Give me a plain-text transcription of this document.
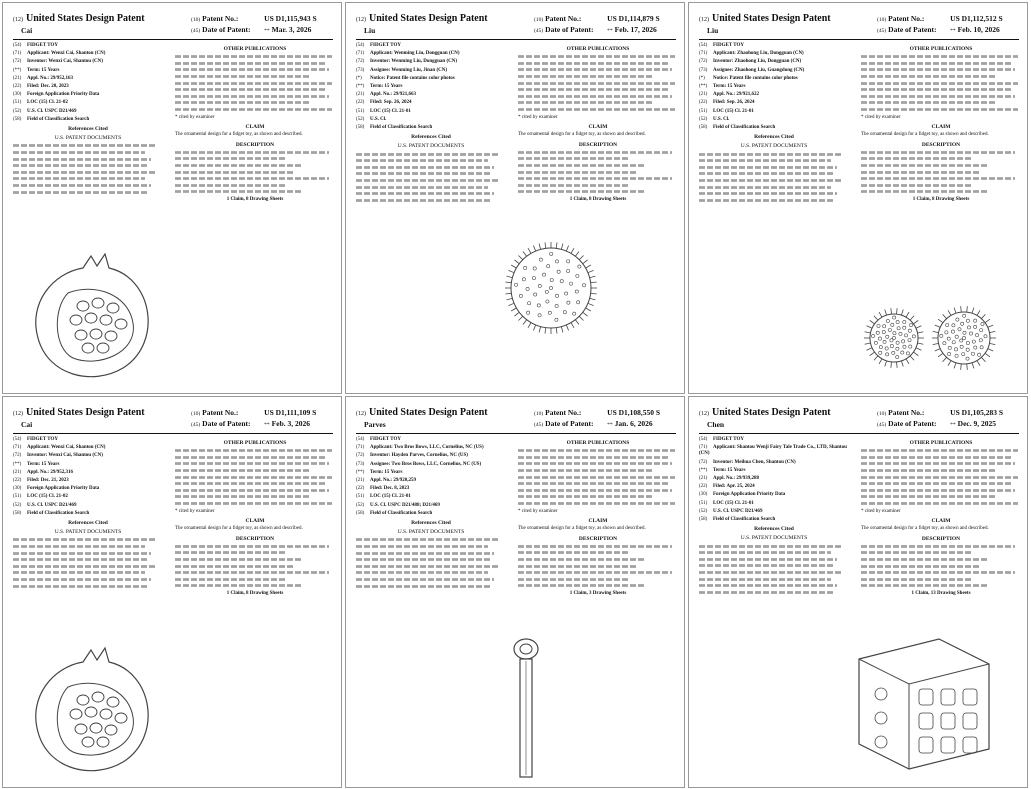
(12) United States Design Patent
Cai
(10) Patent No.:	US D1,115,943 S
(45) Date of Patent: ** Mar. 3, 2026
(54) FIDGET TOY
(71) Applicant: Wenxi Cai, Shantou (CN)
(72) Inventor: Wenxi Cai, Shantou (CN)
(**) Term: 15 Years
(21) Appl. No.: 29/952,163
(22) Filed: Dec. 20, 2023
(30) Foreign Application Priority Data
(51) LOC (15) Cl. 21-02
(52) U.S. Cl. USPC D21/469
(58) Field of Classification Search
References Cited
U.S. PATENT DOCUMENTS
OTHER PUBLICATIONS
* cited by examiner
CLAIM
The ornamental design for a fidget toy, as shown and described.
DESCRIPTION
1 Claim, 8 Drawing Sheets
(12) United States Design Patent
Liu
(10) Patent No.:	US D1,114,879 S
(45) Date of Patent: ** Feb. 17, 2026
(54) FIDGET TOY
(71) Applicant: Wenming Liu, Dongguan (CN)
(72) Inventor: Wenming Liu, Dongguan (CN)
(73) Assignee: Wenming Liu, Jinan (CN)
(*) Notice: Patent file contains color photos
(**) Term: 15 Years
(21) Appl. No.: 29/921,663
(22) Filed: Sep. 26, 2024
(51) LOC (15) Cl. 21-01
(52) U.S. Cl.
(58) Field of Classification Search
References Cited
U.S. PATENT DOCUMENTS
OTHER PUBLICATIONS
* cited by examiner
CLAIM
The ornamental design for a fidget toy, as shown and described.
DESCRIPTION
1 Claim, 8 Drawing Sheets
(12) United States Design Patent
Liu
(10) Patent No.:	US D1,112,512 S
(45) Date of Patent: ** Feb. 10, 2026
(54) FIDGET TOY
(71) Applicant: Zhaohong Liu, Dongguan (CN)
(72) Inventor: Zhaohong Liu, Dongguan (CN)
(73) Assignee: Zhaohong Liu, Guangdong (CN)
(*) Notice: Patent file contains color photos
(**) Term: 15 Years
(21) Appl. No.: 29/921,622
(22) Filed: Sep. 26, 2024
(51) LOC (15) Cl. 21-01
(52) U.S. Cl.
(58) Field of Classification Search
References Cited
U.S. PATENT DOCUMENTS
OTHER PUBLICATIONS
* cited by examiner
CLAIM
The ornamental design for a fidget toy, as shown and described.
DESCRIPTION
1 Claim, 8 Drawing Sheets
(12) United States Design Patent
Cai
(10) Patent No.:	US D1,111,109 S
(45) Date of Patent: ** Feb. 3, 2026
(54) FIDGET TOY
(71) Applicant: Wenxi Cai, Shantou (CN)
(72) Inventor: Wenxi Cai, Shantou (CN)
(**) Term: 15 Years
(21) Appl. No.: 29/952,316
(22) Filed: Dec. 21, 2023
(30) Foreign Application Priority Data
(51) LOC (15) Cl. 21-02
(52) U.S. Cl. USPC D21/469
(58) Field of Classification Search
References Cited
U.S. PATENT DOCUMENTS
OTHER PUBLICATIONS
* cited by examiner
CLAIM
The ornamental design for a fidget toy, as shown and described.
DESCRIPTION
1 Claim, 8 Drawing Sheets
(12) United States Design Patent
Parves
(10) Patent No.:	US D1,108,550 S
(45) Date of Patent: ** Jan. 6, 2026
(54) FIDGET TOY
(71) Applicant: Two Bros Bows, LLC, Cornelius, NC (US)
(72) Inventor: Hayden Parves, Cornelius, NC (US)
(73) Assignee: Two Bros Bows, LLC, Cornelius, NC (US)
(**) Term: 15 Years
(21) Appl. No.: 29/920,259
(22) Filed: Dec. 8, 2023
(51) LOC (15) Cl. 21-01
(52) U.S. Cl. USPC D21/488; D21/469
(58) Field of Classification Search
References Cited
U.S. PATENT DOCUMENTS
OTHER PUBLICATIONS
* cited by examiner
CLAIM
The ornamental design for a fidget toy, as shown and described.
DESCRIPTION
1 Claim, 3 Drawing Sheets
(12) United States Design Patent
Chen
(10) Patent No.:	US D1,105,283 S
(45) Date of Patent: ** Dec. 9, 2025
(54) FIDGET TOY
(71) Applicant: Shantou Wenji Fairy Tale Trade Co., LTD, Shantou (CN)
(72) Inventor: Meihua Chen, Shantou (CN)
(**) Term: 15 Years
(21) Appl. No.: 29/939,288
(22) Filed: Apr. 25, 2024
(30) Foreign Application Priority Data
(51) LOC (15) Cl. 21-01
(52) U.S. Cl. USPC D21/469
(58) Field of Classification Search
References Cited
U.S. PATENT DOCUMENTS
OTHER PUBLICATIONS
* cited by examiner
CLAIM
The ornamental design for a fidget toy, as shown and described.
DESCRIPTION
1 Claim, 13 Drawing Sheets
